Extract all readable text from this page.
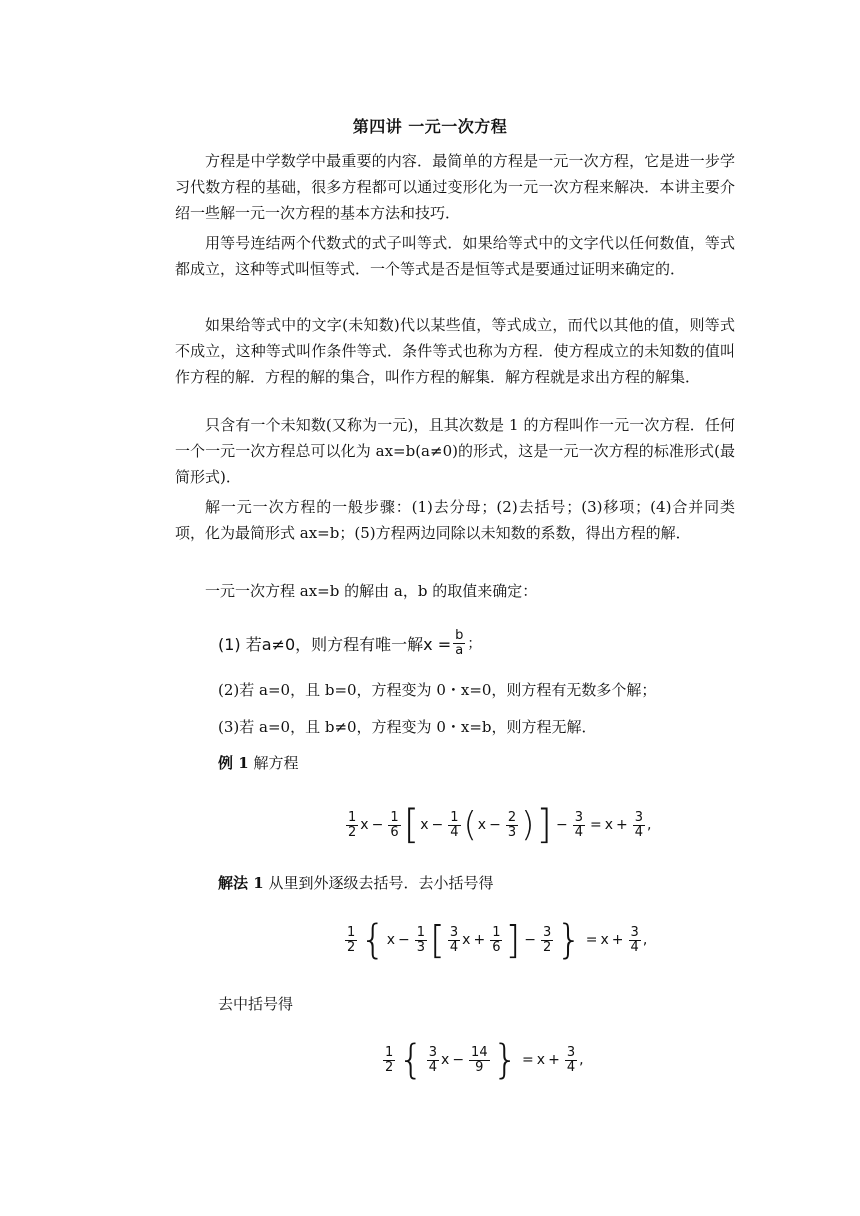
第四讲 一元一次方程

方程是中学数学中最重要的内容．最简单的方程是一元一次方程，它是进一步学习代数方程的基础，很多方程都可以通过变形化为一元一次方程来解决．本讲主要介绍一些解一元一次方程的基本方法和技巧．

用等号连结两个代数式的式子叫等式．如果给等式中的文字代以任何数值，等式都成立，这种等式叫恒等式．一个等式是否是恒等式是要通过证明来确定的．

如果给等式中的文字(未知数)代以某些值，等式成立，而代以其他的值，则等式不成立，这种等式叫作条件等式．条件等式也称为方程．使方程成立的未知数的值叫作方程的解．方程的解的集合，叫作方程的解集．解方程就是求出方程的解集．

只含有一个未知数(又称为一元)，且其次数是 1 的方程叫作一元一次方程．任何一个一元一次方程总可以化为 ax=b(a≠0)的形式，这是一元一次方程的标准形式(最简形式)．

解一元一次方程的一般步骤：(1)去分母；(2)去括号；(3)移项；(4)合并同类项，化为最简形式 ax=b；(5)方程两边同除以未知数的系数，得出方程的解．

一元一次方程 ax=b 的解由 a，b 的取值来确定：

(1) 若a≠0，则方程有唯一解$x = \frac{b}{a}$ ；
(2)若 a=0，且 b=0，方程变为 0・x=0，则方程有无数多个解；
(3)若 a=0，且 b≠0，方程变为 0・x=b，则方程无解．
例 1 解方程
$\frac{1}{2}$ $x - \frac{1}{6}$ [ $x - \frac{1}{4}$ ( $x - \frac{2}{3}$ ) ] − $\frac{3}{4} = x + \frac{3}{4}$ ,
解法 1 从里到外逐级去括号．去小括号得
$\frac{1}{2}$ { $x - \frac{1}{3}$ [ $\frac{3}{4}$ $x + \frac{1}{6}$ ] − $\frac{3}{2}$ } = $x + \frac{3}{4}$ ,
去中括号得
$\frac{1}{2}$ { $\frac{3}{4}$ $x - \frac{14}{9}$ } = $x + \frac{3}{4}$ ,
